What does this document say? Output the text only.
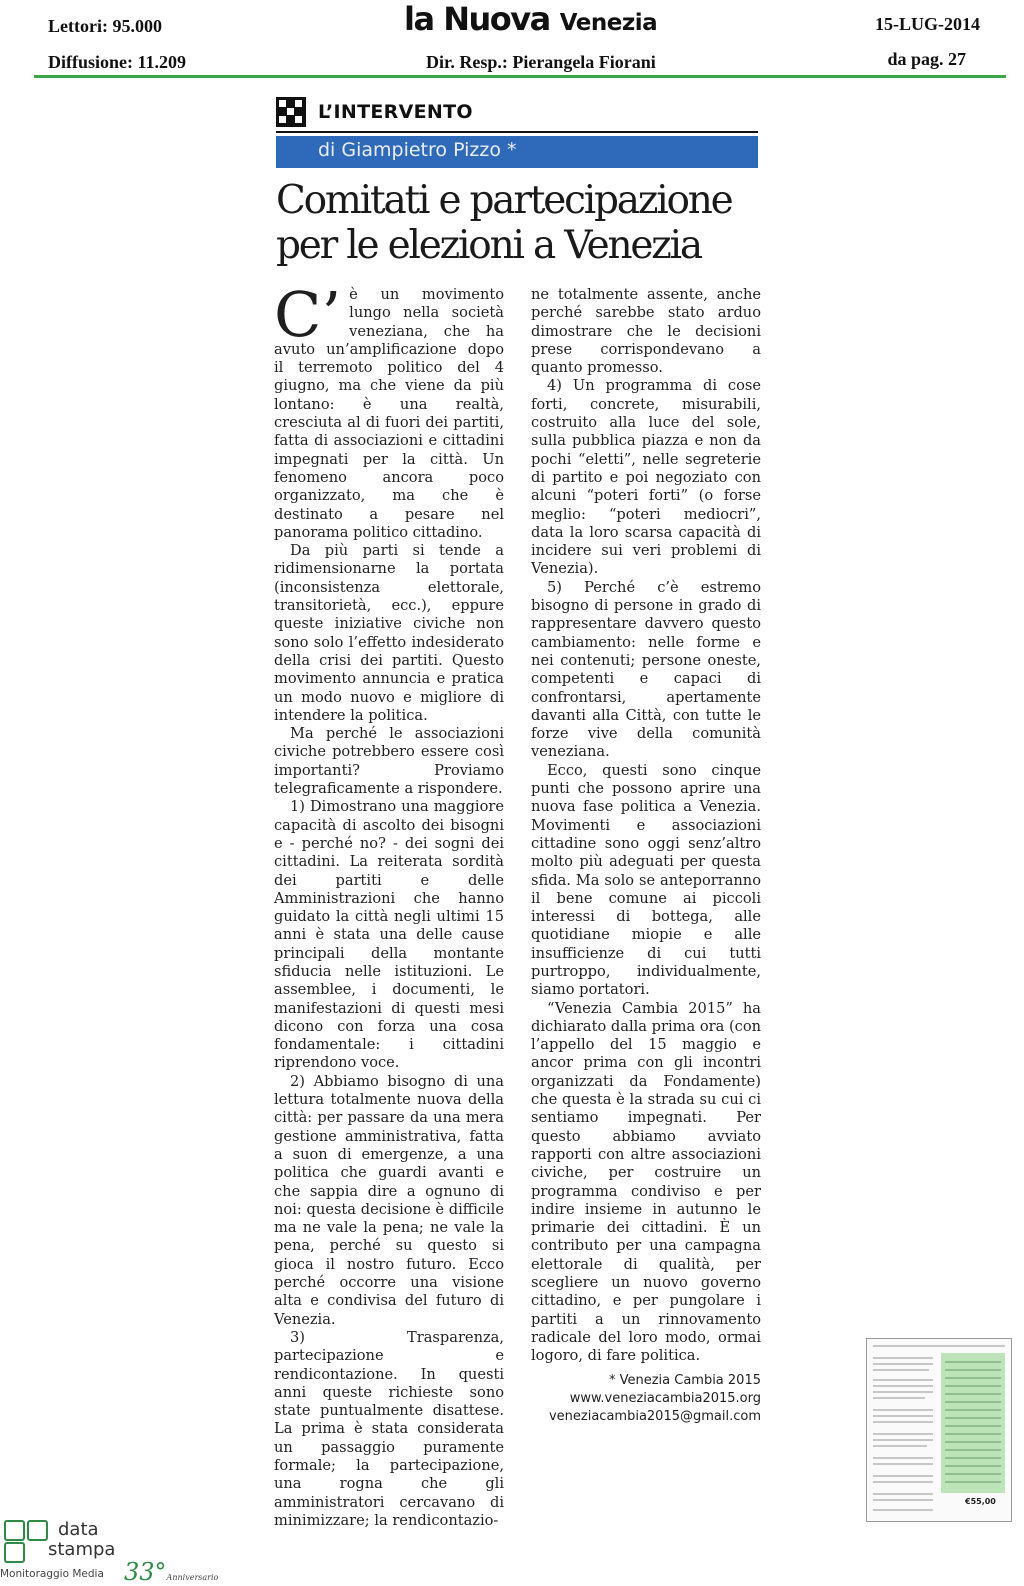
Lettori: 95.000
Diffusione: 11.209
la Nuova Venezia
Dir. Resp.: Pierangela Fiorani
15-LUG-2014
da pag. 27
L’INTERVENTO
di Giampietro Pizzo *
Comitati e partecipazione
per le elezioni a Venezia

C’ è un movimento lungo nella società veneziana, che ha avuto un’amplificazione dopo il terremoto politico del 4 giugno, ma che viene da più lontano: è una realtà, cresciuta al di fuori dei partiti, fatta di associazioni e cittadini impegnati per la città. Un fenomeno ancora poco organizzato, ma che è destinato a pesare nel panorama politico cittadino.

Da più parti si tende a ridimensionarne la portata (inconsistenza elettorale, transitorietà, ecc.), eppure queste iniziative civiche non sono solo l’effetto indesiderato della crisi dei partiti. Questo movimento annuncia e pratica un modo nuovo e migliore di intendere la politica.

Ma perché le associazioni civiche potrebbero essere così importanti? Proviamo telegraficamente a rispondere.

1) Dimostrano una maggiore capacità di ascolto dei bisogni e - perché no? - dei sogni dei cittadini. La reiterata sordità dei partiti e delle Amministrazioni che hanno guidato la città negli ultimi 15 anni è stata una delle cause principali della montante sfiducia nelle istituzioni. Le assemblee, i documenti, le manifestazioni di questi mesi dicono con forza una cosa fondamentale: i cittadini riprendono voce.

2) Abbiamo bisogno di una lettura totalmente nuova della città: per passare da una mera gestione amministrativa, fatta a suon di emergenze, a una politica che guardi avanti e che sappia dire a ognuno di noi: questa decisione è difficile ma ne vale la pena; ne vale la pena, perché su questo si gioca il nostro futuro. Ecco perché occorre una visione alta e condivisa del futuro di Venezia.

3) Trasparenza, partecipazione e rendicontazione. In questi anni queste richieste sono state puntualmente disattese. La prima è stata considerata un passaggio puramente formale; la partecipazione, una rogna che gli amministratori cercavano di minimizzare; la rendicontazio-

ne totalmente assente, anche perché sarebbe stato arduo dimostrare che le decisioni prese corrispondevano a quanto promesso.

4) Un programma di cose forti, concrete, misurabili, costruito alla luce del sole, sulla pubblica piazza e non da pochi “eletti”, nelle segreterie di partito e poi negoziato con alcuni “poteri forti” (o forse meglio: “poteri mediocri”, data la loro scarsa capacità di incidere sui veri problemi di Venezia).

5) Perché c’è estremo bisogno di persone in grado di rappresentare davvero questo cambiamento: nelle forme e nei contenuti; persone oneste, competenti e capaci di confrontarsi, apertamente davanti alla Città, con tutte le forze vive della comunità veneziana.

Ecco, questi sono cinque punti che possono aprire una nuova fase politica a Venezia. Movimenti e associazioni cittadine sono oggi senz’altro molto più adeguati per questa sfida. Ma solo se anteporranno il bene comune ai piccoli interessi di bottega, alle quotidiane miopie e alle insufficienze di cui tutti purtroppo, individualmente, siamo portatori.

“Venezia Cambia 2015” ha dichiarato dalla prima ora (con l’appello del 15 maggio e ancor prima con gli incontri organizzati da Fondamente) che questa è la strada su cui ci sentiamo impegnati. Per questo abbiamo avviato rapporti con altre associazioni civiche, per costruire un programma condiviso e per indire insieme in autunno le primarie dei cittadini. È un contributo per una campagna elettorale di qualità, per scegliere un nuovo governo cittadino, e per pungolare i partiti a un rinnovamento radicale del loro modo, ormai logoro, di fare politica.

* Venezia Cambia 2015
www.veneziacambia2015.org
veneziacambia2015@gmail.com
€55,00
data
stampa
Monitoraggio Media 33°Anniversario
